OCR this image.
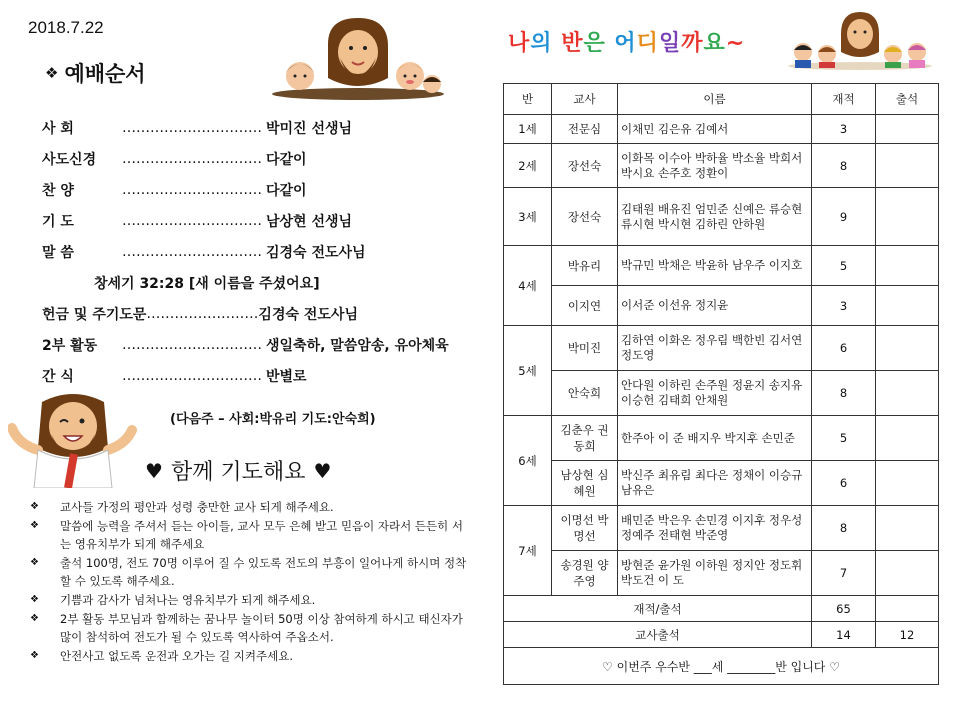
2018.7.22
❖ 예배순서
사 회	………………………… 박미진 선생님
사도신경	………………………… 다같이
찬 양	………………………… 다같이
기 도	………………………… 남상현 선생님
말 씀	………………………… 김경숙 전도사님
창세기 32:28 [새 이름을 주셨어요]
헌금 및 주기도문 …………………… 김경숙 전도사님
2부 활동	………………………… 생일축하, 말씀암송, 유아체육
간 식	………………………… 반별로
(다음주 – 사회:박유리 기도:안숙희)
♥ 함께 기도해요 ♥
❖	교사들 가정의 평안과 성령 충만한 교사 되게 해주세요.
❖	말씀에 능력을 주셔서 듣는 아이들, 교사 모두 은혜 받고 믿음이 자라서 든든히 서는 영유치부가 되게 해주세요
❖	출석 100명, 전도 70명 이루어 질 수 있도록 전도의 부흥이 일어나게 하시며 정착할 수 있도록 해주세요.
❖	기쁨과 감사가 넘쳐나는 영유치부가 되게 해주세요.
❖	2부 활동 부모님과 함께하는 꿈나무 놀이터 50명 이상 참여하게 하시고 태신자가 많이 참석하여 전도가 될 수 있도록 역사하여 주옵소서.
❖	안전사고 없도록 운전과 오가는 길 지켜주세요.
나의 반은 어디일까요~
반	교사	이름	재적	출석
1세	전문심	이채민 김은유 김예서	3	
2세	장선숙	이화목 이수아 박하율 박소율 박희서 박시요 손주호 정환이	8	
3세	장선숙	김태원 배유진 엄민준 신예은 류승현 류시현 박시현 김하린 안하원	9	
4세	박유리	박규민 박채은 박윤하 남우주 이지호	5	
	이지연	이서준 이선유 정지윤	3	
5세	박미진	김하연 이화온 정우림 백한빈 김서연 정도영	6	
	안숙희	안다원 이하린 손주원 정윤지 송지유 이승헌 김태희 안채원	8	
6세	김춘우 권동희	한주아 이 준 배지우 박지후 손민준	5	
	남상현 심혜원	박신주 최유림 최다은 정채이 이승규 남유은	6	
7세	이명선 박명선	배민준 박은우 손민경 이지후 정우성 정예주 전태현 박준영	8	
	송경원 양주영	방현준 윤가원 이하원 정지안 정도휘 박도건 이 도	7	
재적/출석			65	
교사출석			14	12
♡ 이번주 우수반 ___세 ________반 입니다 ♡				
